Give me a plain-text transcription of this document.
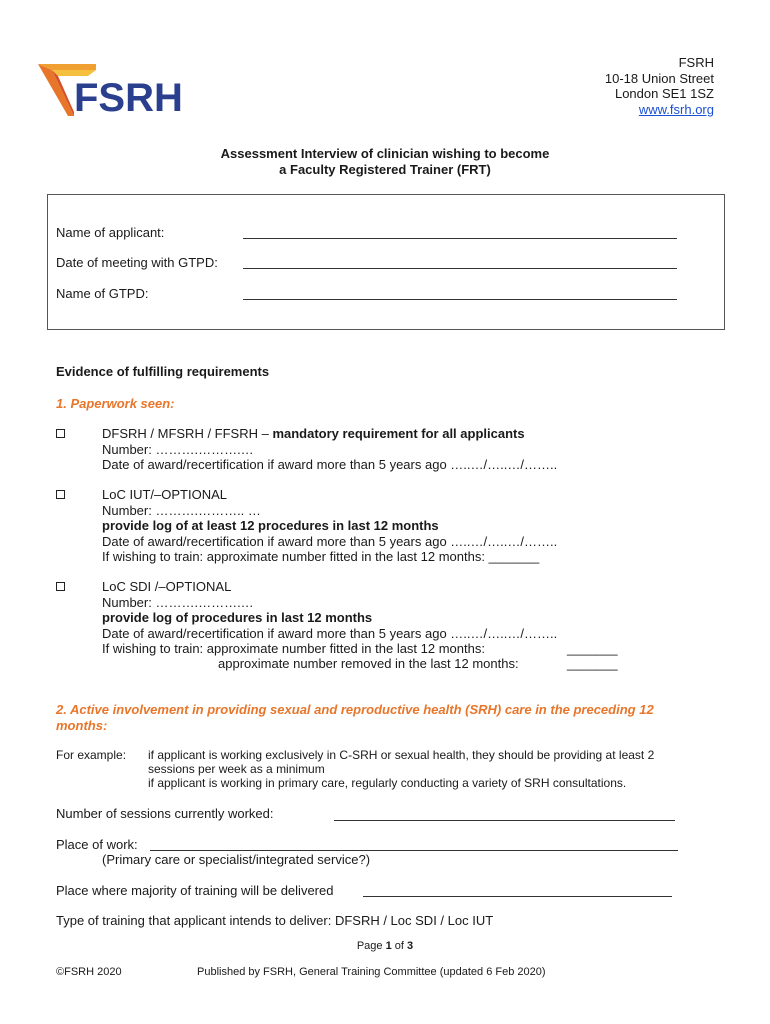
FSRH
FSRH
10-18 Union Street
London SE1 1SZ
www.fsrh.org
Assessment Interview of clinician wishing to become
a Faculty Registered Trainer (FRT)
Name of applicant:
Date of meeting with GTPD:
Name of GTPD:
Evidence of fulfilling requirements
1. Paperwork seen:
DFSRH / MFSRH / FFSRH – mandatory requirement for all applicants
Number: ……….……….…
Date of award/recertification if award more than 5 years ago …..…/…..…/……..
LoC IUT/–OPTIONAL
Number: ……….……….. …
provide log of at least 12 procedures in last 12 months
Date of award/recertification if award more than 5 years ago …..…/…..…/……..
If wishing to train: approximate number fitted in the last 12 months: _______
LoC SDI /–OPTIONAL
Number: ……….……….…
provide log of procedures in last 12 months
Date of award/recertification if award more than 5 years ago …..…/…..…/……..
If wishing to train: approximate number fitted in the last 12 months:	_______
approximate number removed in the last 12 months:	_______
2. Active involvement in providing sexual and reproductive health (SRH) care in the preceding 12
months:
For example: if applicant is working exclusively in C-SRH or sexual health, they should be providing at least 2
sessions per week as a minimum
if applicant is working in primary care, regularly conducting a variety of SRH consultations.
Number of sessions currently worked:
Place of work:
(Primary care or specialist/integrated service?)
Place where majority of training will be delivered
Type of training that applicant intends to deliver: DFSRH / Loc SDI / Loc IUT
Page 1 of 3
©FSRH 2020	Published by FSRH, General Training Committee (updated 6 Feb 2020)
